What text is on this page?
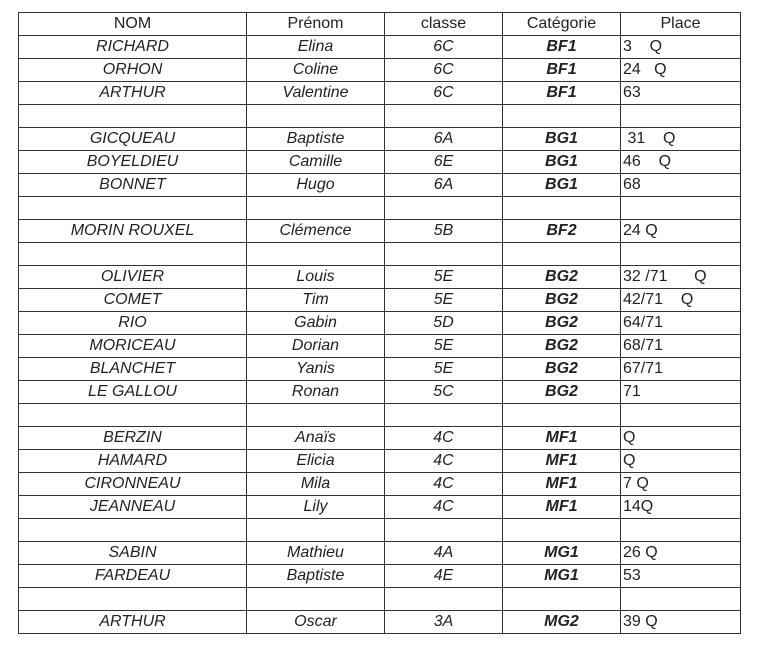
NOM	Prénom	classe	Catégorie	Place
RICHARD	Elina	6C	BF1	3    Q
ORHON	Coline	6C	BF1	24   Q
ARTHUR	Valentine	6C	BF1	63

GICQUEAU	Baptiste	6A	BG1	31    Q
BOYELDIEU	Camille	6E	BG1	46    Q
BONNET	Hugo	6A	BG1	68

MORIN ROUXEL	Clémence	5B	BF2	24 Q

OLIVIER	Louis	5E	BG2	32 /71      Q
COMET	Tim	5E	BG2	42/71    Q
RIO	Gabin	5D	BG2	64/71
MORICEAU	Dorian	5E	BG2	68/71
BLANCHET	Yanis	5E	BG2	67/71
LE GALLOU	Ronan	5C	BG2	71

BERZIN	Anaïs	4C	MF1	Q
HAMARD	Elicia	4C	MF1	Q
CIRONNEAU	Mila	4C	MF1	7 Q
JEANNEAU	Lily	4C	MF1	14Q

SABIN	Mathieu	4A	MG1	26 Q
FARDEAU	Baptiste	4E	MG1	53

ARTHUR	Oscar	3A	MG2	39 Q
